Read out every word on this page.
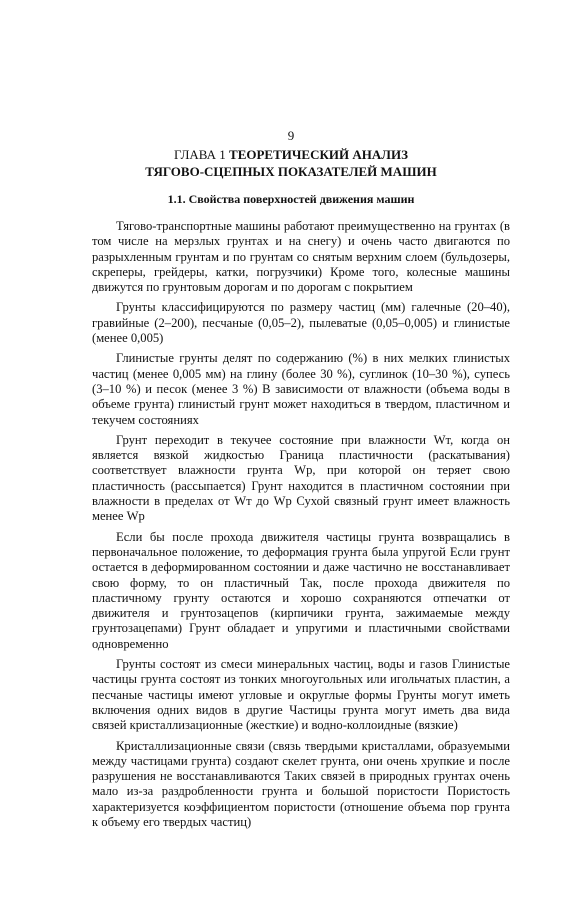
9
ГЛАВА 1 ТЕОРЕТИЧЕСКИЙ АНАЛИЗ
ТЯГОВО-СЦЕПНЫХ ПОКАЗАТЕЛЕЙ МАШИН
1.1. Свойства поверхностей движения машин

Тягово-транспортные машины работают преимущественно на грунтах (в том числе на мерзлых грунтах и на снегу) и очень часто двигаются по разрыхленным грунтам и по грунтам со снятым верхним слоем (бульдозеры, скреперы, грейдеры, катки, погрузчики) Кроме того, колесные машины движутся по грунтовым дорогам и по дорогам с покрытием

Грунты классифицируются по размеру частиц (мм) галечные (20–40), гравийные (2–200), песчаные (0,05–2), пылеватые (0,05–0,005) и глинистые (менее 0,005)

Глинистые грунты делят по содержанию (%) в них мелких глинистых частиц (менее 0,005 мм) на глину (более 30 %), суглинок (10–30 %), супесь (3–10 %) и песок (менее 3 %) В зависимости от влажности (объема воды в объеме грунта) глинистый грунт может находиться в твердом, пластичном и текучем состояниях

Грунт переходит в текучее состояние при влажности Wт, когда он является вязкой жидкостью Граница пластичности (раскатывания) соответствует влажности грунта Wр, при которой он теряет свою пластичность (рассыпается) Грунт находится в пластичном состоянии при влажности в пределах от Wт до Wр Сухой связный грунт имеет влажность менее Wр

Если бы после прохода движителя частицы грунта возвращались в первоначальное положение, то деформация грунта была упругой Если грунт остается в деформированном состоянии и даже частично не восстанавливает свою форму, то он пластичный Так, после прохода движителя по пластичному грунту остаются и хорошо сохраняются отпечатки от движителя и грунтозацепов (кирпичики грунта, зажимаемые между грунтозацепами) Грунт обладает и упругими и пластичными свойствами одновременно

Грунты состоят из смеси минеральных частиц, воды и газов Глинистые частицы грунта состоят из тонких многоугольных или игольчатых пластин, а песчаные частицы имеют угловые и округлые формы Грунты могут иметь включения одних видов в другие Частицы грунта могут иметь два вида связей кристаллизационные (жесткие) и водно-коллоидные (вязкие)

Кристаллизационные связи (связь твердыми кристаллами, образуемыми между частицами грунта) создают скелет грунта, они очень хрупкие и после разрушения не восстанавливаются Таких связей в природных грунтах очень мало из-за раздробленности грунта и большой пористости Пористость характеризуется коэффициентом пористости (отношение объема пор грунта к объему его твердых частиц)
